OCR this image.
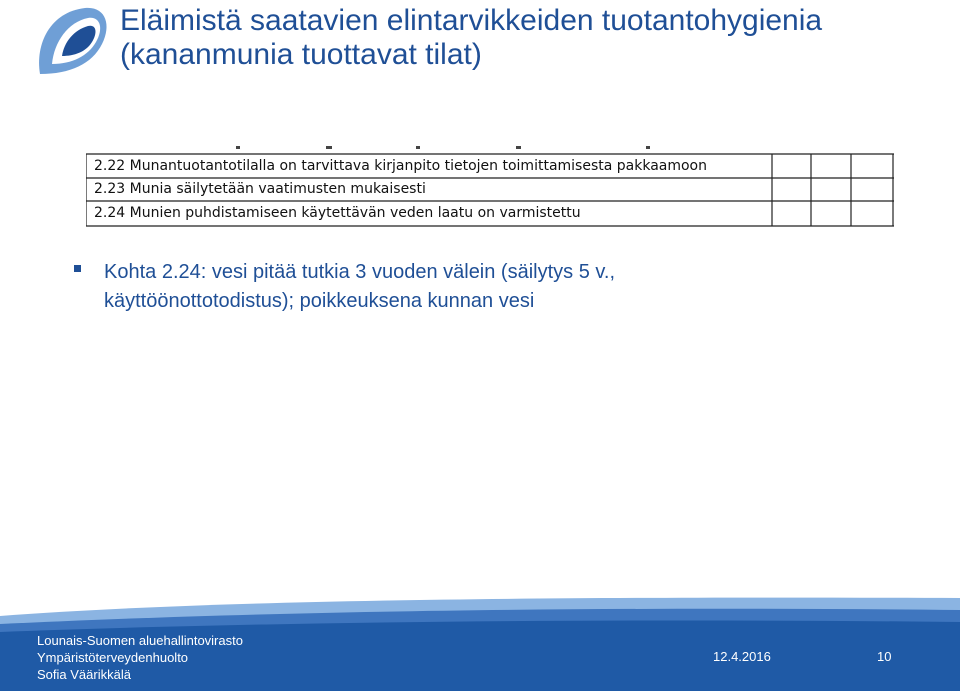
Eläimistä saatavien elintarvikkeiden tuotantohygienia
(kananmunia tuottavat tilat)
2.22 Munantuotantotilalla on tarvittava kirjanpito tietojen toimittamisesta pakkaamoon
2.23 Munia säilytetään vaatimusten mukaisesti
2.24 Munien puhdistamiseen käytettävän veden laatu on varmistettu
Kohta 2.24: vesi pitää tutkia 3 vuoden välein (säilytys 5 v.,
käyttöönottotodistus); poikkeuksena kunnan vesi
Lounais-Suomen aluehallintovirasto
Ympäristöterveydenhuolto
Sofia Väärikkälä
12.4.2016	10
